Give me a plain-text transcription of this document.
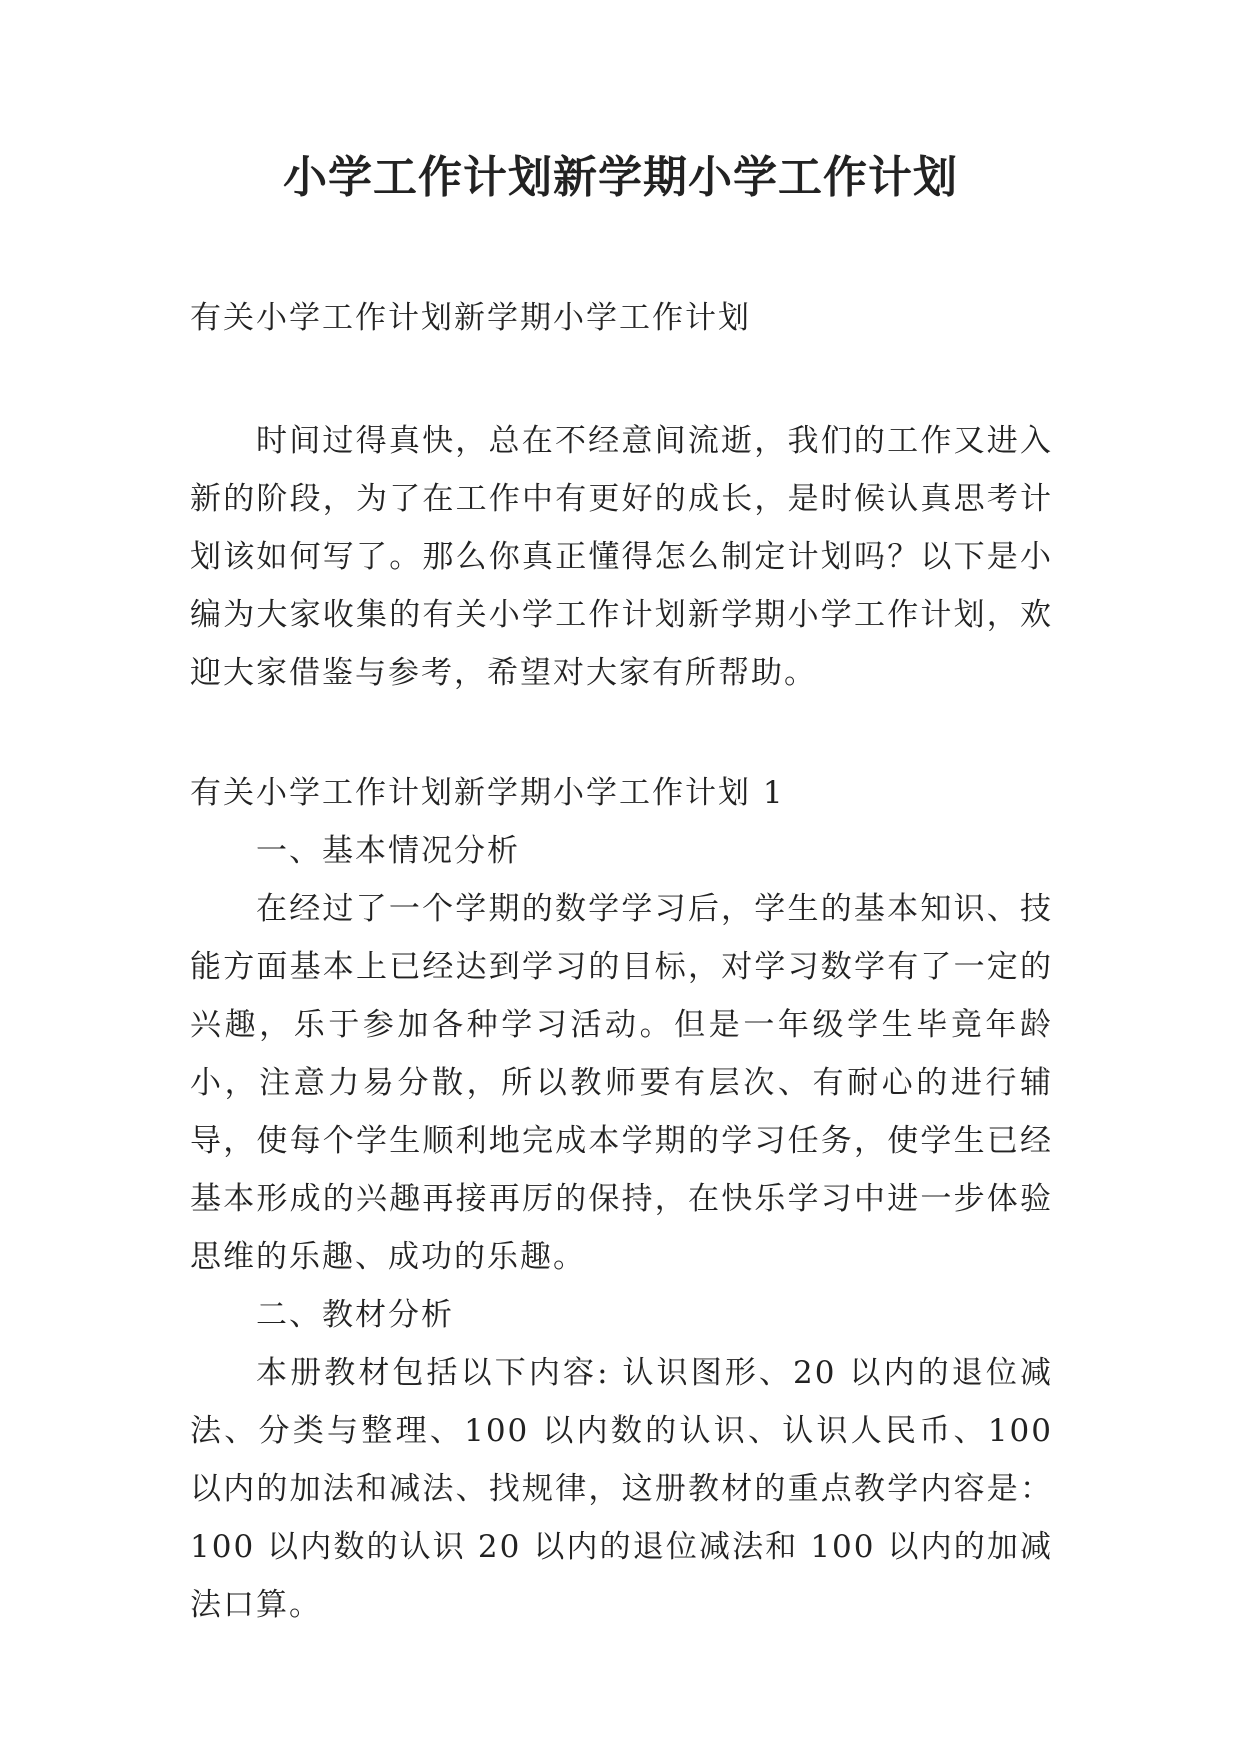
小学工作计划新学期小学工作计划

有关小学工作计划新学期小学工作计划

时间过得真快，总在不经意间流逝，我们的工作又进入新的阶段，为了在工作中有更好的成长，是时候认真思考计划该如何写了。那么你真正懂得怎么制定计划吗？以下是小编为大家收集的有关小学工作计划新学期小学工作计划，欢迎大家借鉴与参考，希望对大家有所帮助。

有关小学工作计划新学期小学工作计划 1

一、基本情况分析

在经过了一个学期的数学学习后，学生的基本知识、技能方面基本上已经达到学习的目标，对学习数学有了一定的兴趣，乐于参加各种学习活动。但是一年级学生毕竟年龄小，注意力易分散，所以教师要有层次、有耐心的进行辅导，使每个学生顺利地完成本学期的学习任务，使学生已经基本形成的兴趣再接再厉的保持，在快乐学习中进一步体验思维的乐趣、成功的乐趣。

二、教材分析

本册教材包括以下内容: 认识图形、20 以内的退位减法、分类与整理、100 以内数的认识、认识人民币、100 以内的加法和减法、找规律，这册教材的重点教学内容是：100 以内数的认识 20 以内的退位减法和 100 以内的加减法口算。
